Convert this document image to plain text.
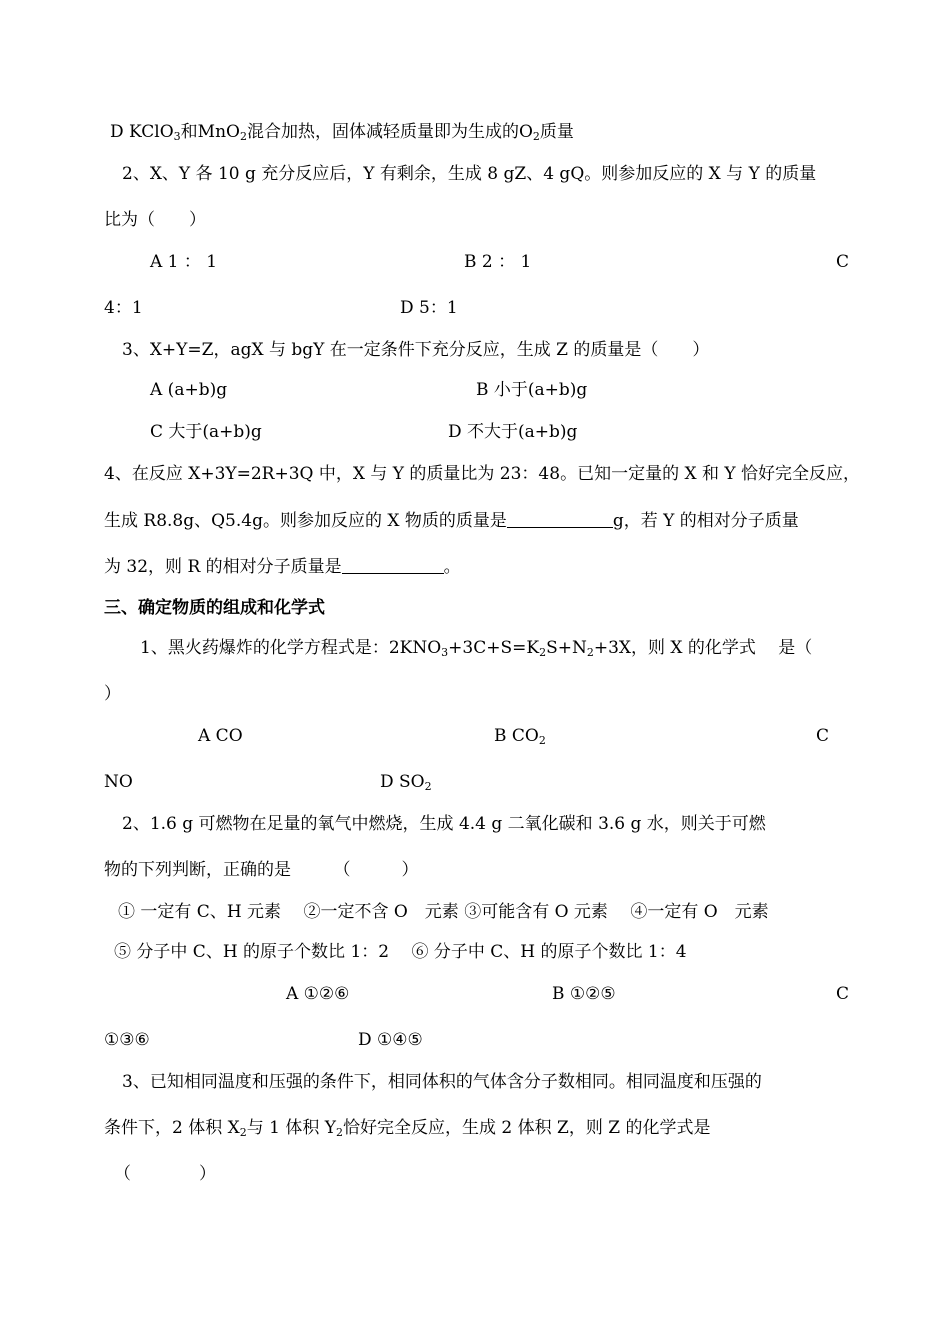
D KClO$_3$和MnO$_2$混合加热，固体减轻质量即为生成的$O_2$质量
2、X、Y 各 10 g 充分反应后，Y 有剩余，生成 8 gZ、4 gQ。则参加反应的 X 与 Y 的质量
比为（　　）
A 1 ： 1	B 2 ： 1	C
4：1	D 5：1
3、X+Y=Z，agX 与 bgY 在一定条件下充分反应，生成 Z 的质量是（　　）
A (a+b)g	B 小于(a+b)g
C 大于(a+b)g	D 不大于(a+b)g
4、在反应 X+3Y=2R+3Q 中，X 与 Y 的质量比为 23：48。已知一定量的 X 和 Y 恰好完全反应，
生成 R8.8g、Q5.4g。则参加反应的 X 物质的质量是	g，若 Y 的相对分子质量
为 32，则 R 的相对分子质量是	。
三、确定物质的组成和化学式
1、黑火药爆炸的化学方程式是：$2KNO_3+3C+S=K_2S+N_2+3X$，则 X 的化学式　 是（
）
A CO	B $CO_2$	C
NO	D $SO_2$
2、1.6 g 可燃物在足量的氧气中燃烧，生成 4.4 g 二氧化碳和 3.6 g 水，则关于可燃
物的下列判断，正确的是　　　（　　　）
① 一定有 C、H 元素　 ②一定不含 O　元素 ③可能含有 O 元素　 ④一定有 O　元素
⑤ 分子中 C、H 的原子个数比 1：2　 ⑥ 分子中 C、H 的原子个数比 1：4
A ①②⑥	B ①②⑤	C
①③⑥	D ①④⑤
3、已知相同温度和压强的条件下，相同体积的气体含分子数相同。相同温度和压强的
条件下，2 体积 $X_2$与 1 体积 $Y_2$恰好完全反应，生成 2 体积 Z，则 Z 的化学式是
（　　　　）
